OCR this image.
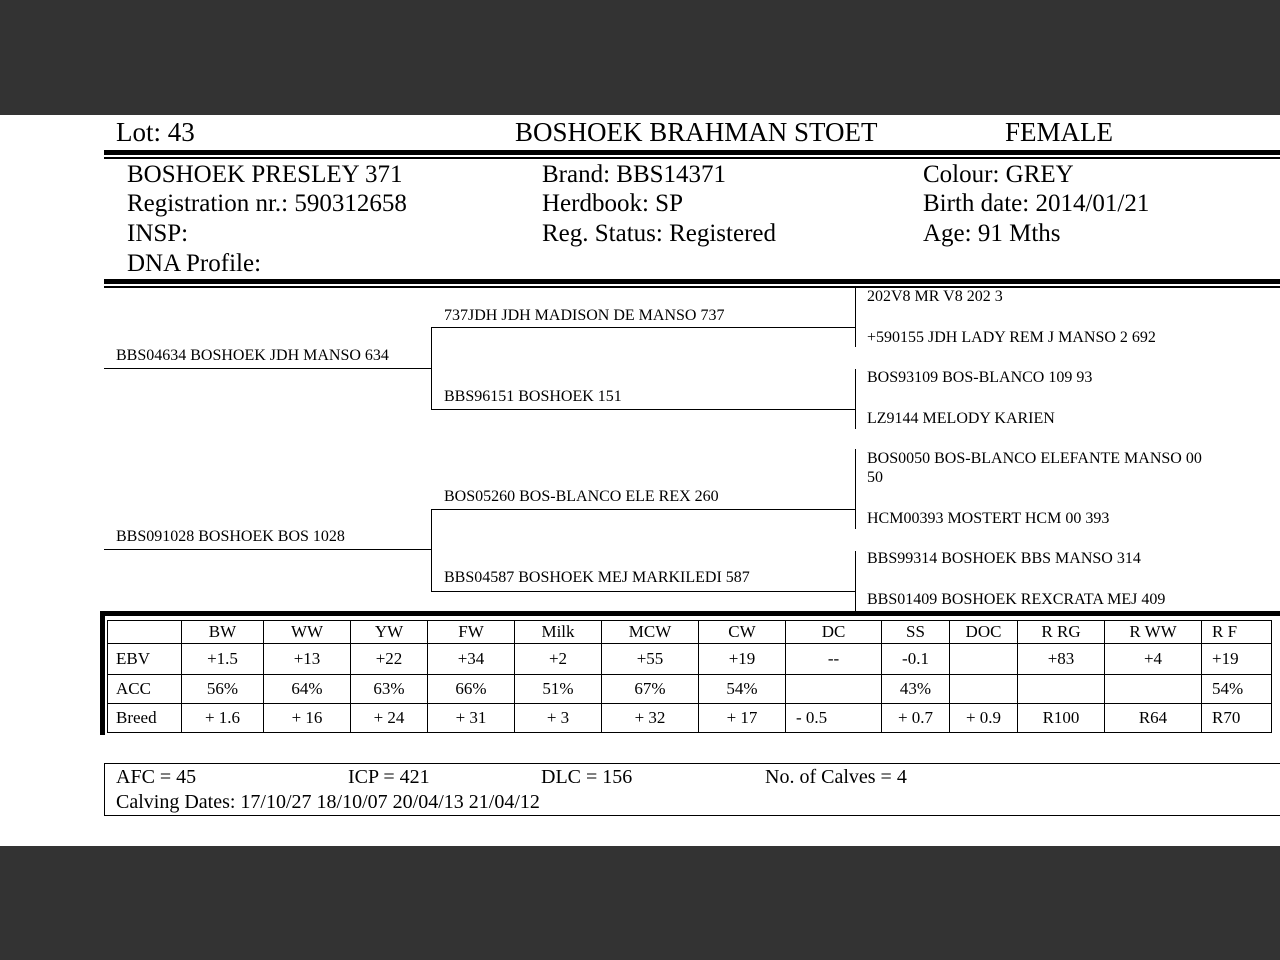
Lot: 43	BOSHOEK BRAHMAN STOET	FEMALE
BOSHOEK PRESLEY 371
Registration nr.: 590312658
INSP:
DNA Profile:
Brand: BBS14371
Herdbook: SP
Reg. Status: Registered
Colour: GREY
Birth date: 2014/01/21
Age: 91 Mths
BBS04634 BOSHOEK JDH MANSO 634
BBS091028 BOSHOEK BOS 1028
737JDH JDH MADISON DE MANSO 737
BBS96151 BOSHOEK 151
BOS05260 BOS-BLANCO ELE REX 260
BBS04587 BOSHOEK MEJ MARKILEDI 587
202V8 MR V8 202 3
+590155 JDH LADY REM J MANSO 2 692
BOS93109 BOS-BLANCO 109 93
LZ9144 MELODY KARIEN
BOS0050 BOS-BLANCO ELEFANTE MANSO 00
50
HCM00393 MOSTERT HCM 00 393
BBS99314 BOSHOEK BBS MANSO 314
BBS01409 BOSHOEK REXCRATA MEJ 409
	BW	WW	YW	FW	Milk	MCW	CW	DC	SS	DOC	R RG	R WW	R F
EBV	+1.5	+13	+22	+34	+2	+55	+19	--	-0.1		+83	+4	+19
ACC	56%	64%	63%	66%	51%	67%	54%		43%				54%
Breed	+ 1.6	+ 16	+ 24	+ 31	+ 3	+ 32	+ 17	- 0.5	+ 0.7	+ 0.9	R100	R64	R70
AFC = 45	ICP = 421	DLC = 156	No. of Calves = 4
Calving Dates: 17/10/27 18/10/07 20/04/13 21/04/12
